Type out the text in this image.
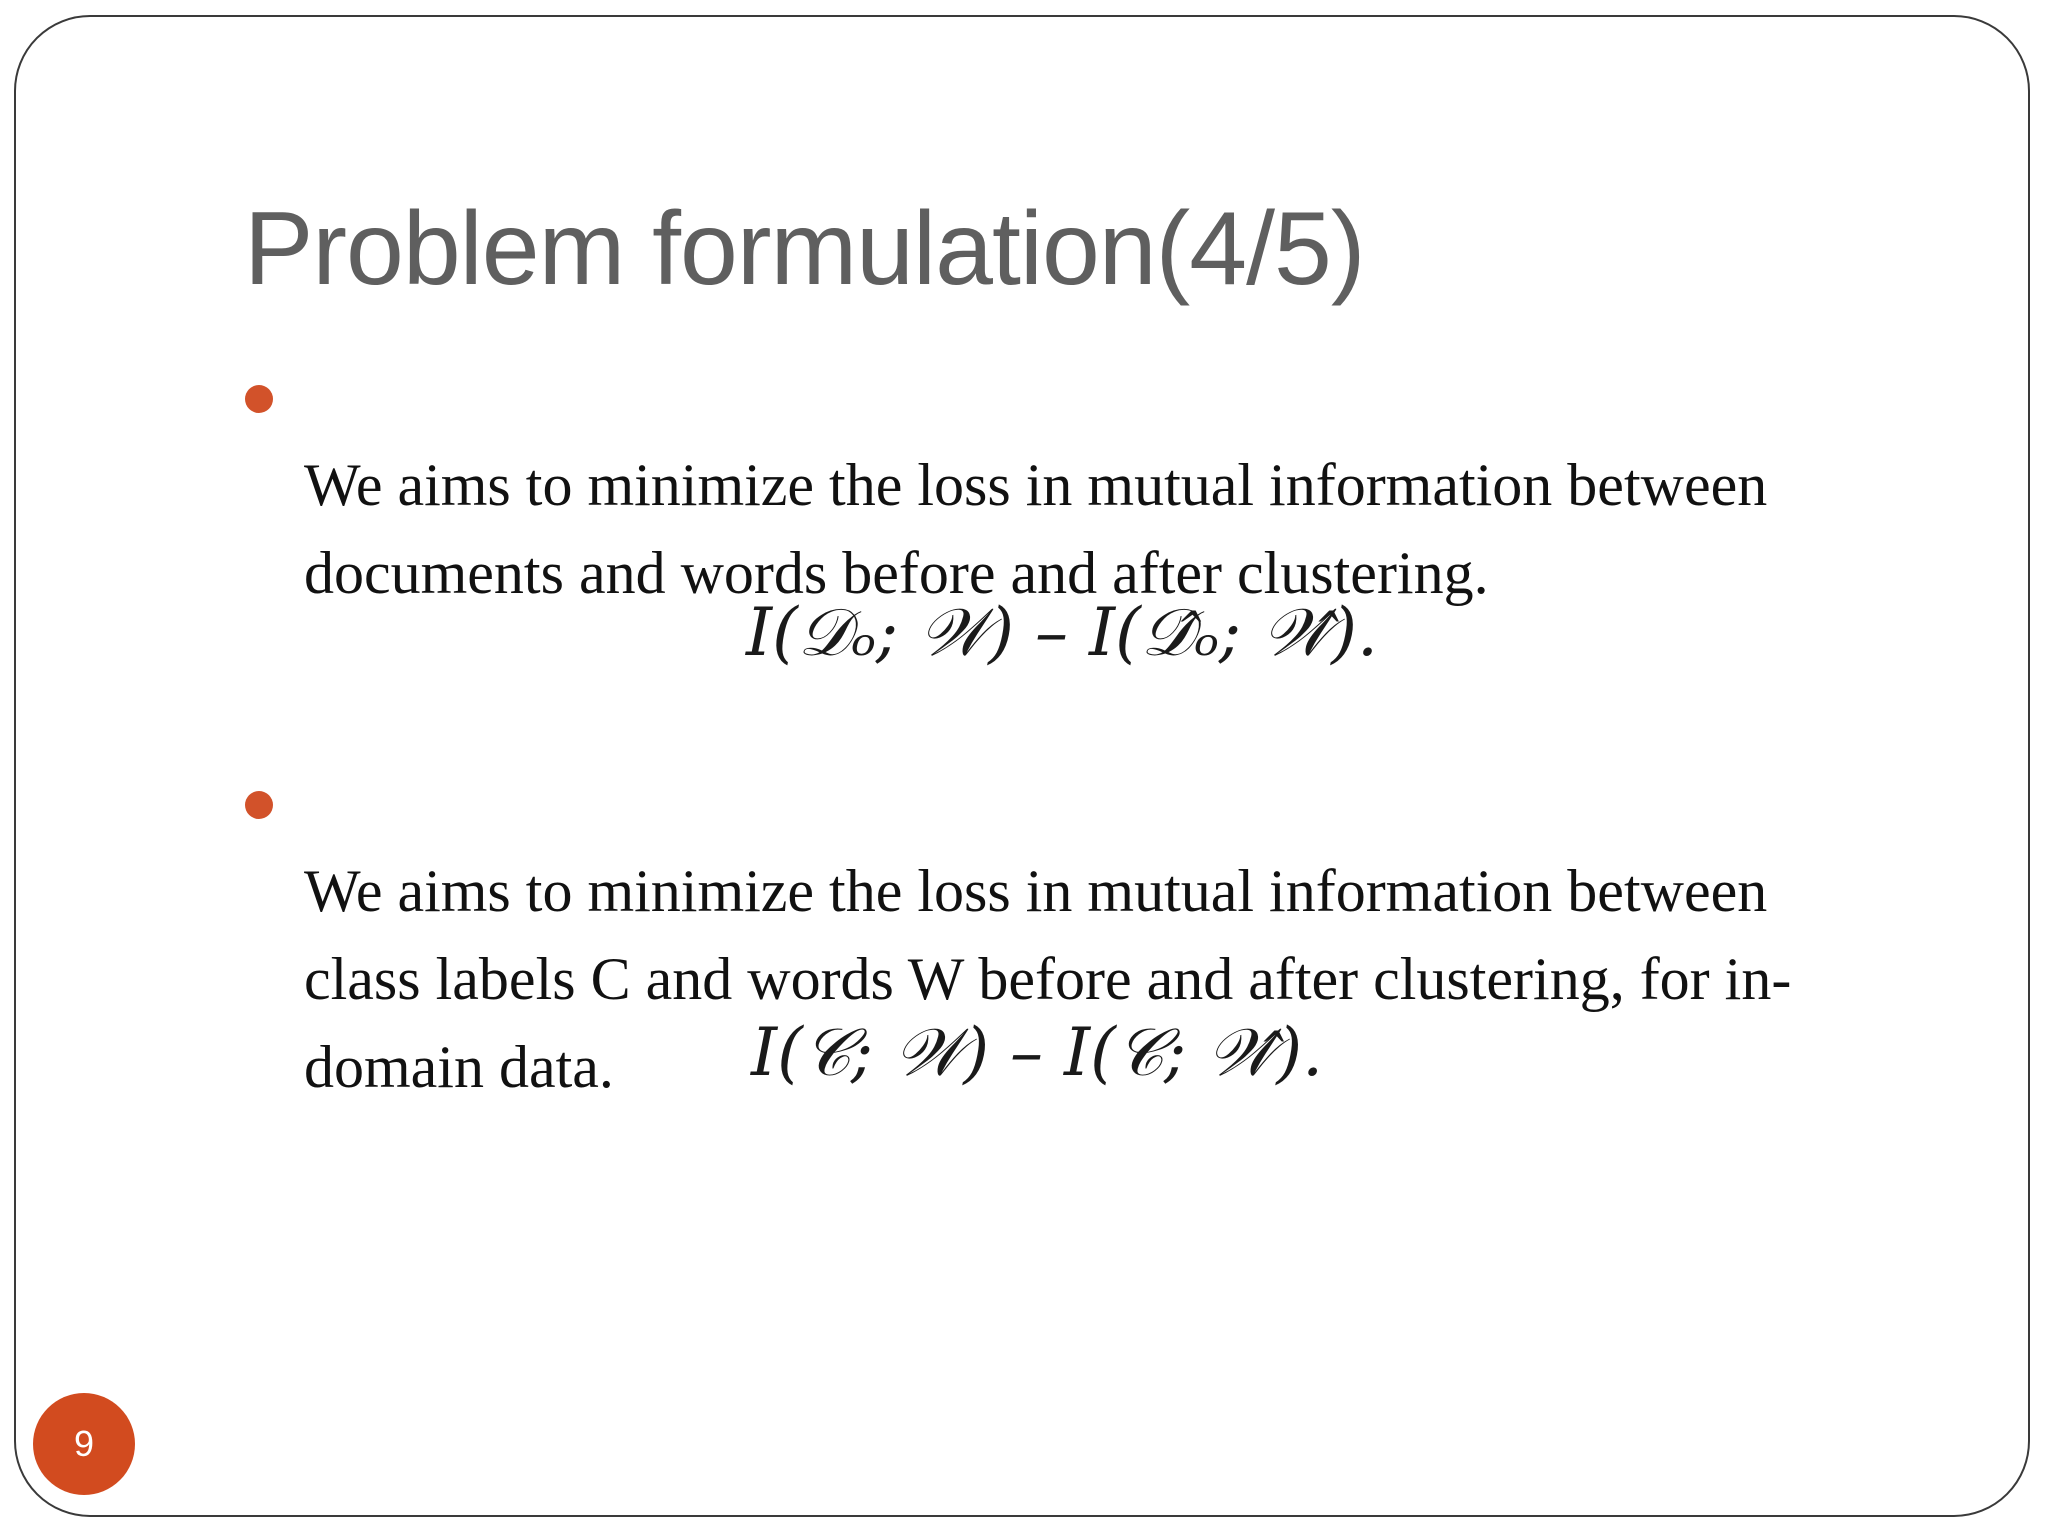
Problem formulation(4/5)

We aims to minimize the loss in mutual information between
documents and words before and after clustering.

I(𝒟ₒ; 𝒲) – I(𝒟̂ₒ; 𝒲̂).

We aims to minimize the loss in mutual information between
class labels C and words W before and after clustering, for in-
domain data.	I(𝒞; 𝒲) – I(𝒞; 𝒲̂).
9
